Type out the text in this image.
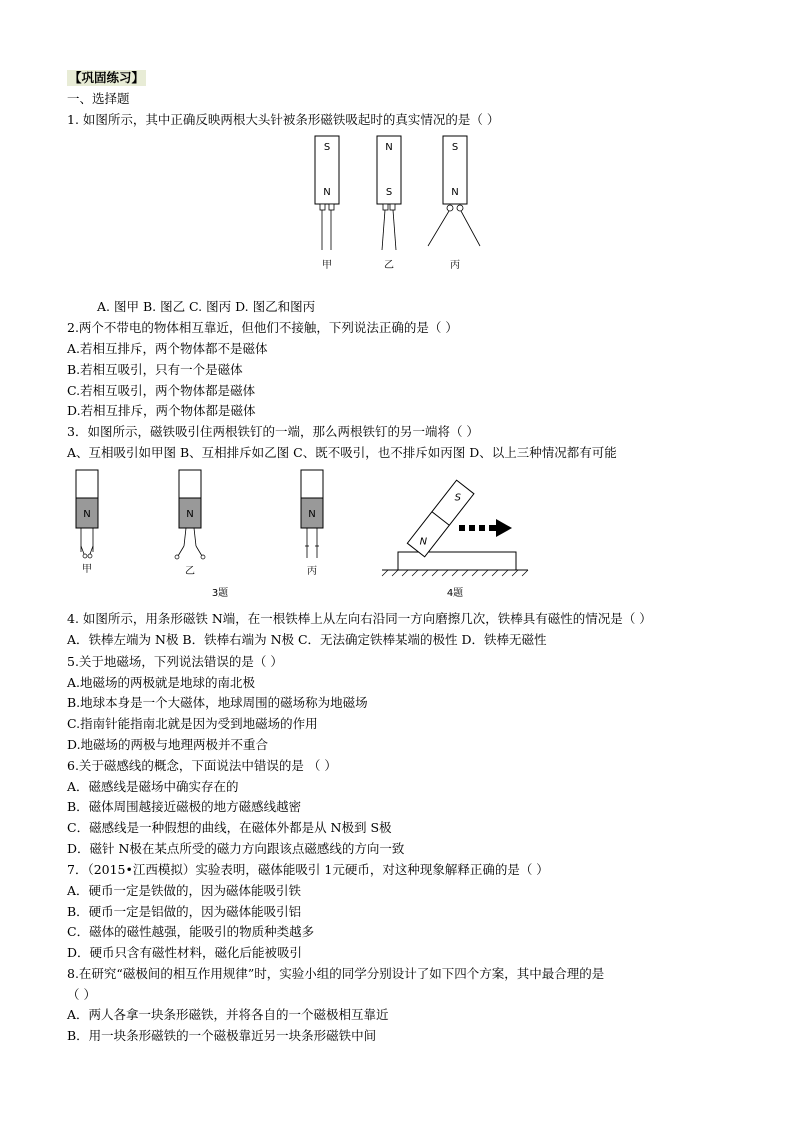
【巩固练习】
一、选择题
1. 如图所示，其中正确反映两根大头针被条形磁铁吸起时的真实情况的是（ ）
S
N
N
S
S
N
甲	乙	丙
A. 图甲 B. 图乙 C. 图丙 D. 图乙和图丙
2.两个不带电的物体相互靠近，但他们不接触，下列说法正确的是（ ）
A.若相互排斥，两个物体都不是磁体
B.若相互吸引，只有一个是磁体
C.若相互吸引，两个物体都是磁体
D.若相互排斥，两个物体都是磁体
3．如图所示，磁铁吸引住两根铁钉的一端，那么两根铁钉的另一端将（ ）
A、互相吸引如甲图 B、互相排斥如乙图 C、既不吸引，也不排斥如丙图 D、以上三种情况都有可能
N	N	N
甲	乙	丙
3题
N
S
4题
4. 如图所示，用条形磁铁 N端，在一根铁棒上从左向右沿同一方向磨擦几次，铁棒具有磁性的情况是（ ）
A．铁棒左端为 N极 B．铁棒右端为 N极 C．无法确定铁棒某端的极性 D．铁棒无磁性
5.关于地磁场，下列说法错误的是（ ）
A.地磁场的两极就是地球的南北极
B.地球本身是一个大磁体，地球周围的磁场称为地磁场
C.指南针能指南北就是因为受到地磁场的作用
D.地磁场的两极与地理两极并不重合
6.关于磁感线的概念，下面说法中错误的是 （ ）
A．磁感线是磁场中确实存在的
B．磁体周围越接近磁极的地方磁感线越密
C．磁感线是一种假想的曲线，在磁体外都是从 N极到 S极
D．磁针 N极在某点所受的磁力方向跟该点磁感线的方向一致
7．（2015•江西模拟）实验表明，磁体能吸引 1元硬币，对这种现象解释正确的是（ ）
A．硬币一定是铁做的，因为磁体能吸引铁
B．硬币一定是铝做的，因为磁体能吸引铝
C．磁体的磁性越强，能吸引的物质种类越多
D．硬币只含有磁性材料，磁化后能被吸引
8.在研究“磁极间的相互作用规律”时，实验小组的同学分别设计了如下四个方案，其中最合理的是
（ ）
A．两人各拿一块条形磁铁，并将各自的一个磁极相互靠近
B．用一块条形磁铁的一个磁极靠近另一块条形磁铁中间
